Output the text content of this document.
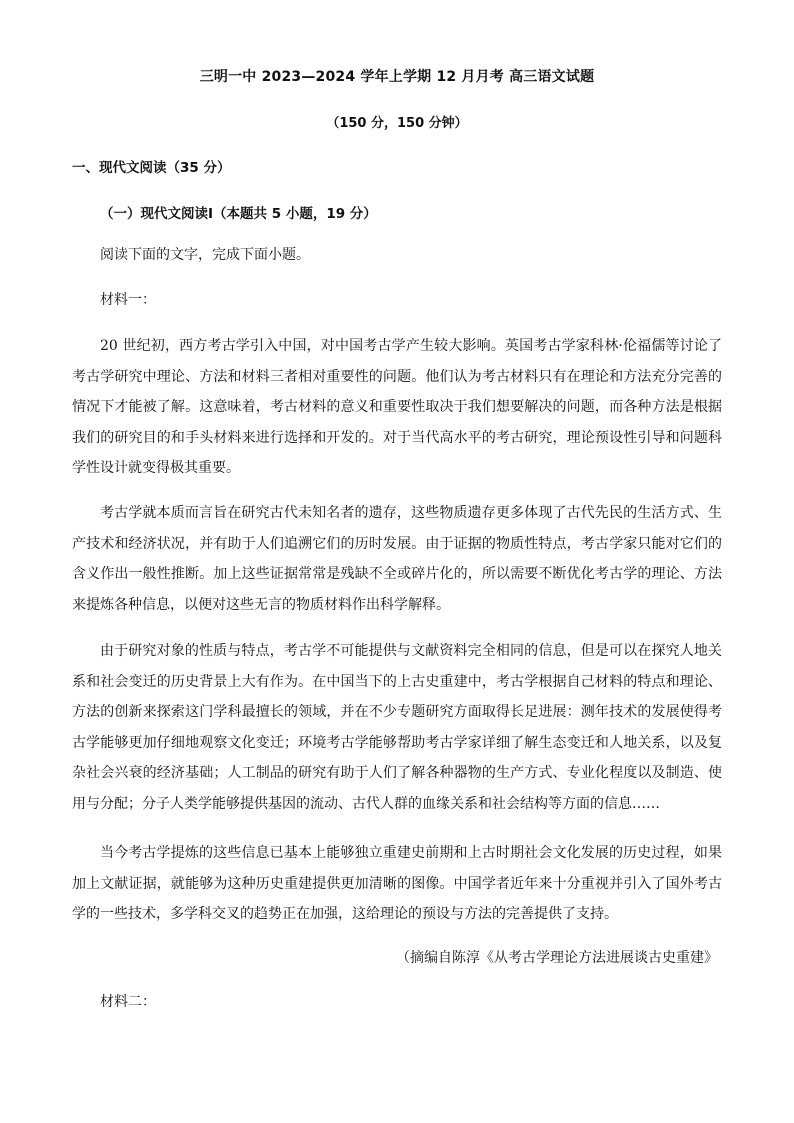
三明一中 2023—2024 学年上学期 12 月月考 高三语文试题
（150 分，150 分钟）
一、现代文阅读（35 分）
（一）现代文阅读Ⅰ（本题共 5 小题，19 分）
阅读下面的文字，完成下面小题。
材料一：
20 世纪初，西方考古学引入中国，对中国考古学产生较大影响。英国考古学家科林·伦福儒等讨论了考古学研究中理论、方法和材料三者相对重要性的问题。他们认为考古材料只有在理论和方法充分完善的情况下才能被了解。这意味着，考古材料的意义和重要性取决于我们想要解决的问题，而各种方法是根据我们的研究目的和手头材料来进行选择和开发的。对于当代高水平的考古研究，理论预设性引导和问题科学性设计就变得极其重要。
考古学就本质而言旨在研究古代未知名者的遗存，这些物质遗存更多体现了古代先民的生活方式、生产技术和经济状况，并有助于人们追溯它们的历时发展。由于证据的物质性特点，考古学家只能对它们的含义作出一般性推断。加上这些证据常常是残缺不全或碎片化的，所以需要不断优化考古学的理论、方法来提炼各种信息，以便对这些无言的物质材料作出科学解释。
由于研究对象的性质与特点，考古学不可能提供与文献资料完全相同的信息，但是可以在探究人地关系和社会变迁的历史背景上大有作为。在中国当下的上古史重建中，考古学根据自己材料的特点和理论、方法的创新来探索这门学科最擅长的领域，并在不少专题研究方面取得长足进展：测年技术的发展使得考古学能够更加仔细地观察文化变迁；环境考古学能够帮助考古学家详细了解生态变迁和人地关系，以及复杂社会兴衰的经济基础；人工制品的研究有助于人们了解各种器物的生产方式、专业化程度以及制造、使用与分配；分子人类学能够提供基因的流动、古代人群的血缘关系和社会结构等方面的信息……
当今考古学提炼的这些信息已基本上能够独立重建史前期和上古时期社会文化发展的历史过程，如果加上文献证据，就能够为这种历史重建提供更加清晰的图像。中国学者近年来十分重视并引入了国外考古学的一些技术，多学科交叉的趋势正在加强，这给理论的预设与方法的完善提供了支持。
（摘编自陈淳《从考古学理论方法进展谈古史重建》
材料二：
